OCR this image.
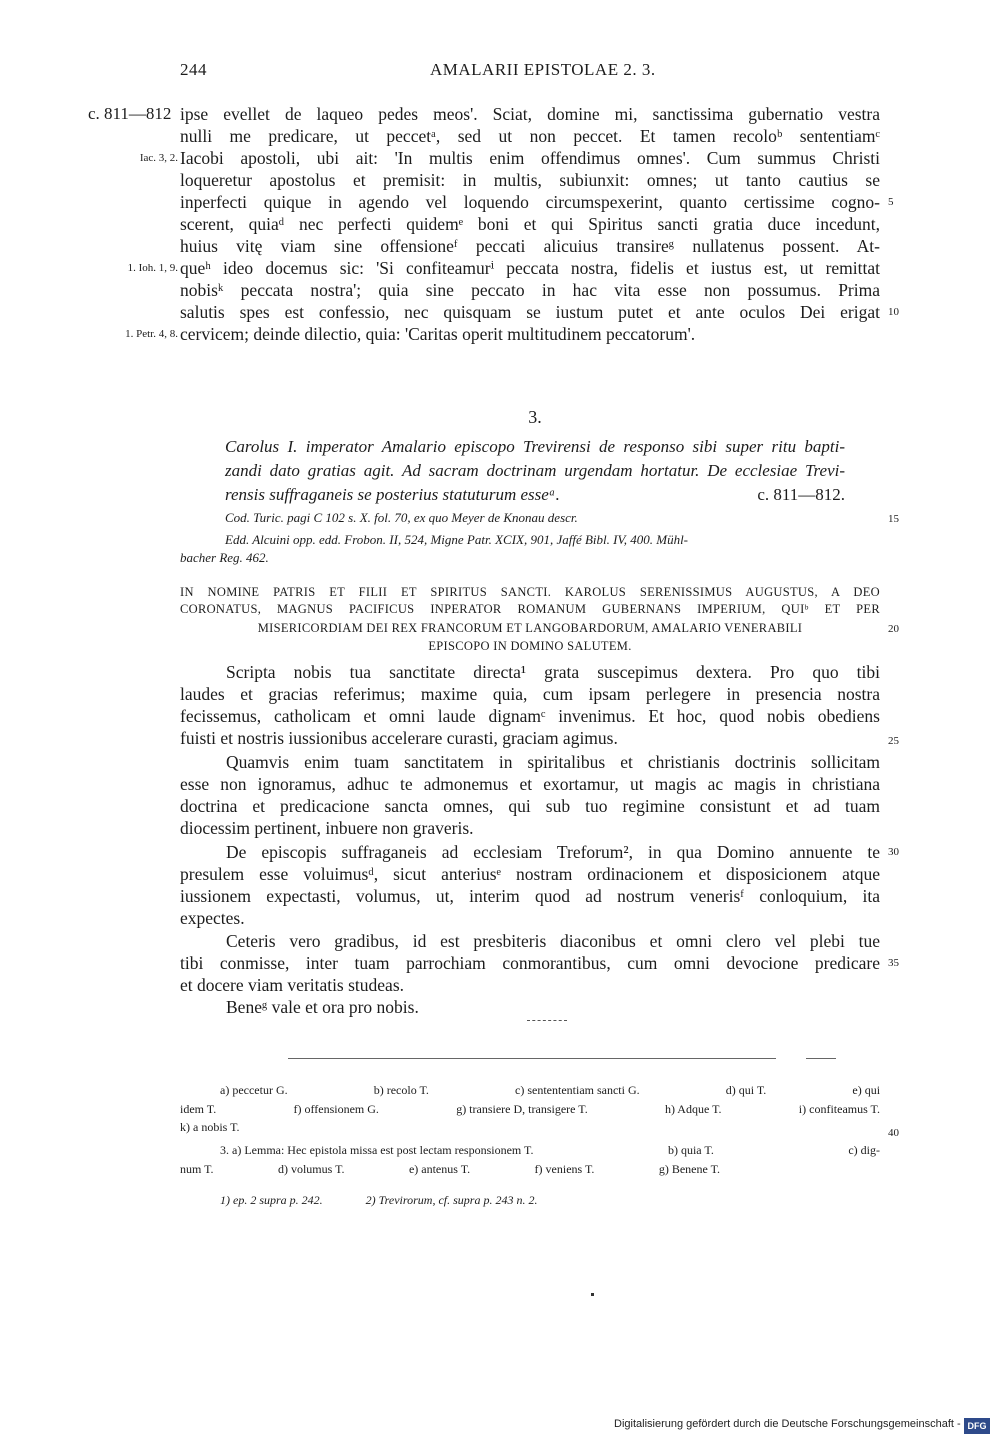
244	AMALARII EPISTOLAE 2. 3.
c. 811—812 ipse evellet de laqueo pedes meos'. Sciat, domine mi, sanctissima gubernatio vestra
nulli me predicare, ut peccetᵃ, sed ut non peccet. Et tamen recoloᵇ sententiamᶜ
Iacobi apostoli, ubi ait: 'In multis enim offendimus omnes'. Cum summus Christi
loqueretur apostolus et premisit: in multis, subiunxit: omnes; ut tanto cautius se
inperfecti quique in agendo vel loquendo circumspexerint, quanto certissime cogno-
scerent, quiaᵈ nec perfecti quidemᵉ boni et qui Spiritus sancti gratia duce incedunt,
huius vitę viam sine offensioneᶠ peccati alicuius transireᵍ nullatenus possent. At-
queʰ ideo docemus sic: 'Si confiteamurⁱ peccata nostra, fidelis et iustus est, ut remittat
nobisᵏ peccata nostra'; quia sine peccato in hac vita esse non possumus. Prima
salutis spes est confessio, nec quisquam se iustum putet et ante oculos Dei erigat
cervicem; deinde dilectio, quia: 'Caritas operit multitudinem peccatorum'.
Iac. 3, 2.
1. Ioh. 1, 9.
1. Petr. 4, 8.
5
10
3.
Carolus I. imperator Amalario episcopo Trevirensi de responso sibi super ritu bapti-
zandi dato gratias agit. Ad sacram doctrinam urgendam hortatur. De ecclesiae Trevi-
rensis suffraganeis se posterius statuturum esseᵃ.	c. 811—812.
Cod. Turic. pagi C 102 s. X. fol. 70, ex quo Meyer de Knonau descr.
Edd. Alcuini opp. edd. Frobon. II, 524, Migne Patr. XCIX, 901, Jaffé Bibl. IV, 400. Mühl-
bacher Reg. 462.
15
IN NOMINE PATRIS ET FILII ET SPIRITUS SANCTI. KAROLUS SERENISSIMUS AUGUSTUS, A DEO
CORONATUS, MAGNUS PACIFICUS INPERATOR ROMANUM GUBERNANS IMPERIUM, QUIᵇ ET PER
MISERICORDIAM DEI REX FRANCORUM ET LANGOBARDORUM, AMALARIO VENERABILI
EPISCOPO IN DOMINO SALUTEM.
20
Scripta nobis tua sanctitate directa¹ grata suscepimus dextera. Pro quo tibi
laudes et gracias referimus; maxime quia, cum ipsam perlegere in presencia nostra
fecissemus, catholicam et omni laude dignamᶜ invenimus. Et hoc, quod nobis obediens
fuisti et nostris iussionibus accelerare curasti, graciam agimus.	25
Quamvis enim tuam sanctitatem in spiritalibus et christianis doctrinis sollicitam
esse non ignoramus, adhuc te admonemus et exortamur, ut magis ac magis in christiana
doctrina et predicacione sancta omnes, qui sub tuo regimine consistunt et ad tuam
diocessim pertinent, inbuere non graveris.
De episcopis suffraganeis ad ecclesiam Treforum², in qua Domino annuente te 30
presulem esse voluimusᵈ, sicut anteriusᵉ nostram ordinacionem et disposicionem atque
iussionem expectasti, volumus, ut, interim quod ad nostrum venerisᶠ conloquium, ita
expectes.
Ceteris vero gradibus, id est presbiteris diaconibus et omni clero vel plebi tue
tibi conmisse, inter tuam parrochiam conmorantibus, cum omni devocione predicare 35
et docere viam veritatis studeas.
Beneᵍ vale et ora pro nobis.
a) peccetur G.	b) recolo T.	c) sentententiam sancti G.	d) qui T.	e) qui
idem T.	f) offensionem G.	g) transiere D, transigere T.	h) Adque T.	i) confiteamus T.
k) a nobis T.	40
3. a) Lemma: Hec epistola missa est post lectam responsionem T.	b) quia T.	c) dig-
num T.	d) volumus T.	e) antenus T.	f) veniens T.	g) Benene T.
1) ep. 2 supra p. 242.	2) Trevirorum, cf. supra p. 243 n. 2.
Digitalisierung gefördert durch die Deutsche Forschungsgemeinschaft - DFG
